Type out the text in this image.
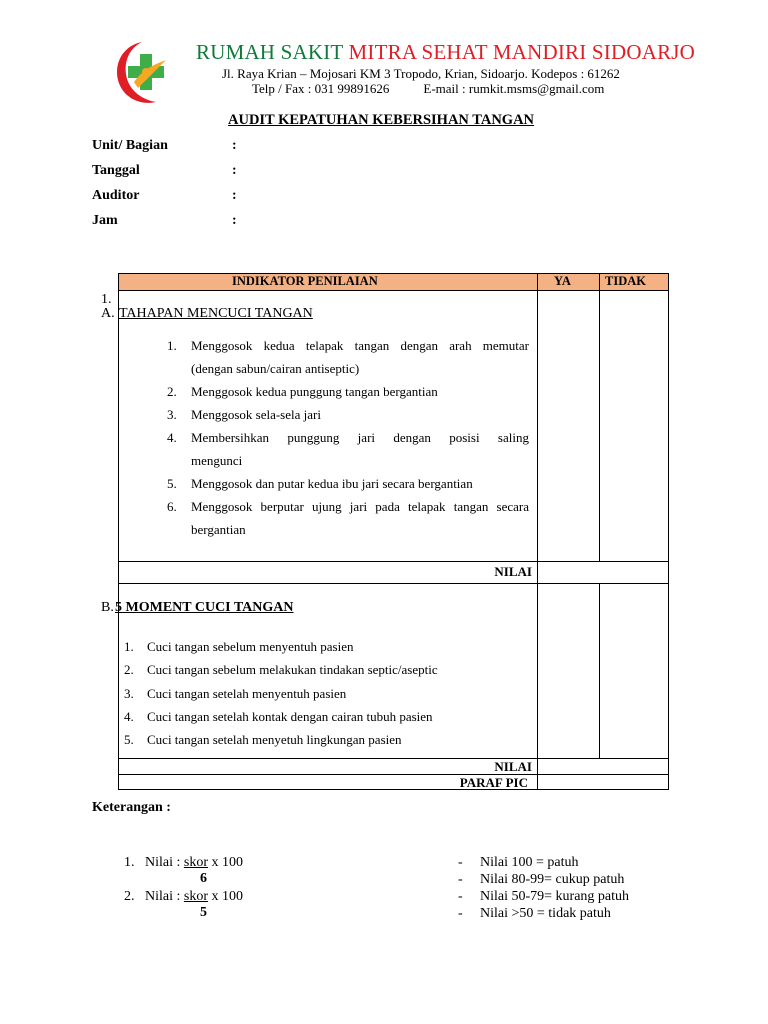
RUMAH SAKIT MITRA SEHAT MANDIRI SIDOARJO
Jl. Raya Krian – Mojosari KM 3 Tropodo, Krian, Sidoarjo. Kodepos : 61262
Telp / Fax : 031 99891626	E-mail : rumkit.msms@gmail.com
AUDIT KEPATUHAN KEBERSIHAN TANGAN
Unit/ Bagian	:
Tanggal	:
Auditor	:
Jam	:
INDIKATOR PENILAIAN	YA	TIDAK
1.
A. TAHAPAN MENCUCI TANGAN
1. Menggosok kedua telapak tangan dengan arah memutar
(dengan sabun/cairan antiseptic)
2. Menggosok kedua punggung tangan bergantian
3. Menggosok sela-sela jari
4. Membersihkan punggung jari dengan posisi saling
mengunci
5. Menggosok dan putar kedua ibu jari secara bergantian
6. Menggosok berputar ujung jari pada telapak tangan secara
bergantian
NILAI
B. 5 MOMENT CUCI TANGAN
1. Cuci tangan sebelum menyentuh pasien
2. Cuci tangan sebelum melakukan tindakan septic/aseptic
3. Cuci tangan setelah menyentuh pasien
4. Cuci tangan setelah kontak dengan cairan tubuh pasien
5. Cuci tangan setelah menyetuh lingkungan pasien
NILAI
PARAF PIC
Keterangan :
1. Nilai : skor x 100
6
2. Nilai : skor x 100
5
- Nilai 100 = patuh
- Nilai 80-99= cukup patuh
- Nilai 50-79= kurang patuh
- Nilai >50 = tidak patuh
